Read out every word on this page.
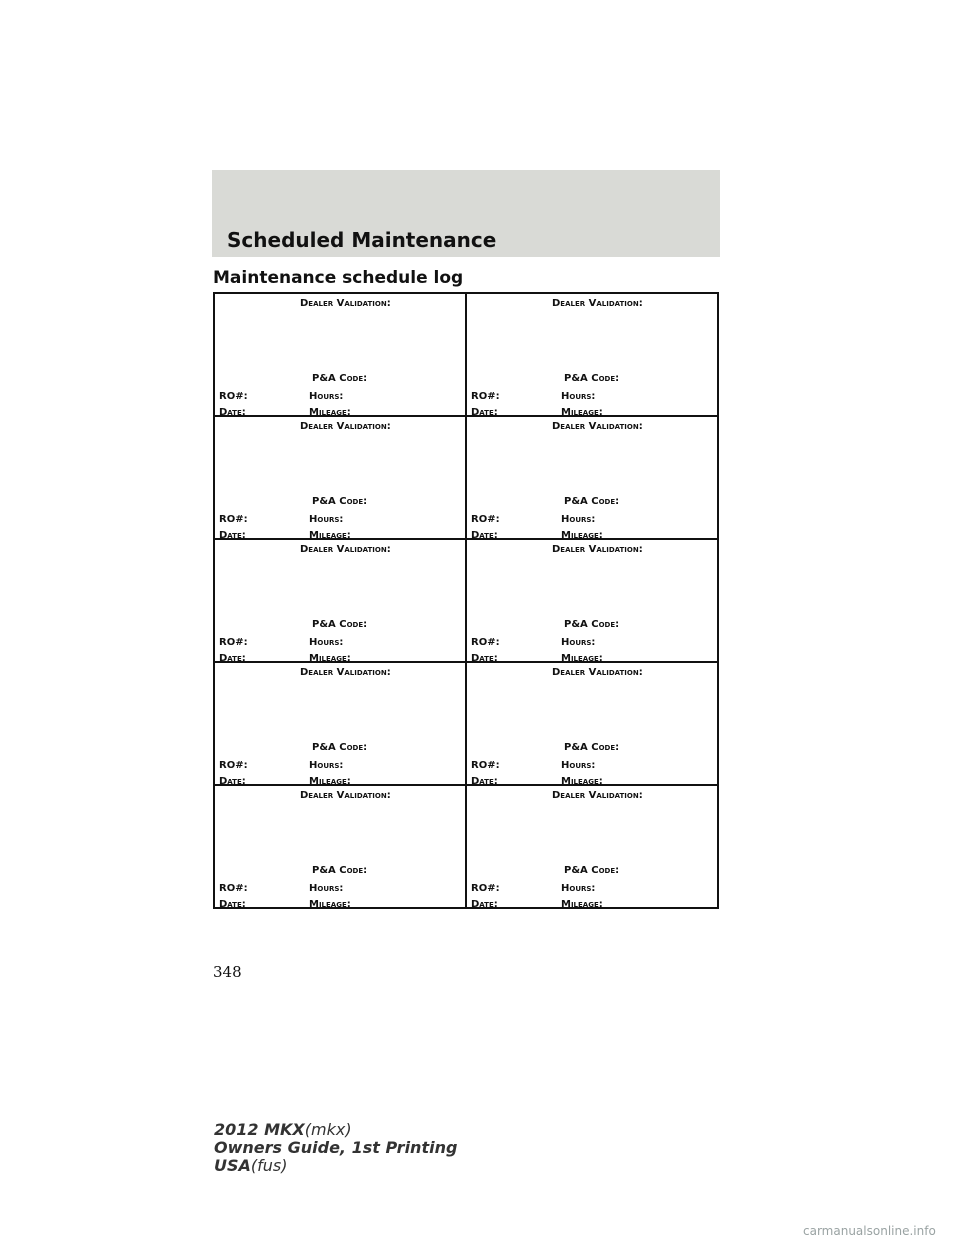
Scheduled Maintenance
Maintenance schedule log
Dealer Validation:
P&A Code:
RO#:	Hours:
Date:	Mileage:
Dealer Validation:
P&A Code:
RO#:	Hours:
Date:	Mileage:
Dealer Validation:
P&A Code:
RO#:	Hours:
Date:	Mileage:
Dealer Validation:
P&A Code:
RO#:	Hours:
Date:	Mileage:
Dealer Validation:
P&A Code:
RO#:	Hours:
Date:	Mileage:
Dealer Validation:
P&A Code:
RO#:	Hours:
Date:	Mileage:
Dealer Validation:
P&A Code:
RO#:	Hours:
Date:	Mileage:
Dealer Validation:
P&A Code:
RO#:	Hours:
Date:	Mileage:
Dealer Validation:
P&A Code:
RO#:	Hours:
Date:	Mileage:
Dealer Validation:
P&A Code:
RO#:	Hours:
Date:	Mileage:
348
2012 MKX(mkx)
Owners Guide, 1st Printing
USA(fus)
carmanualsonline.info
